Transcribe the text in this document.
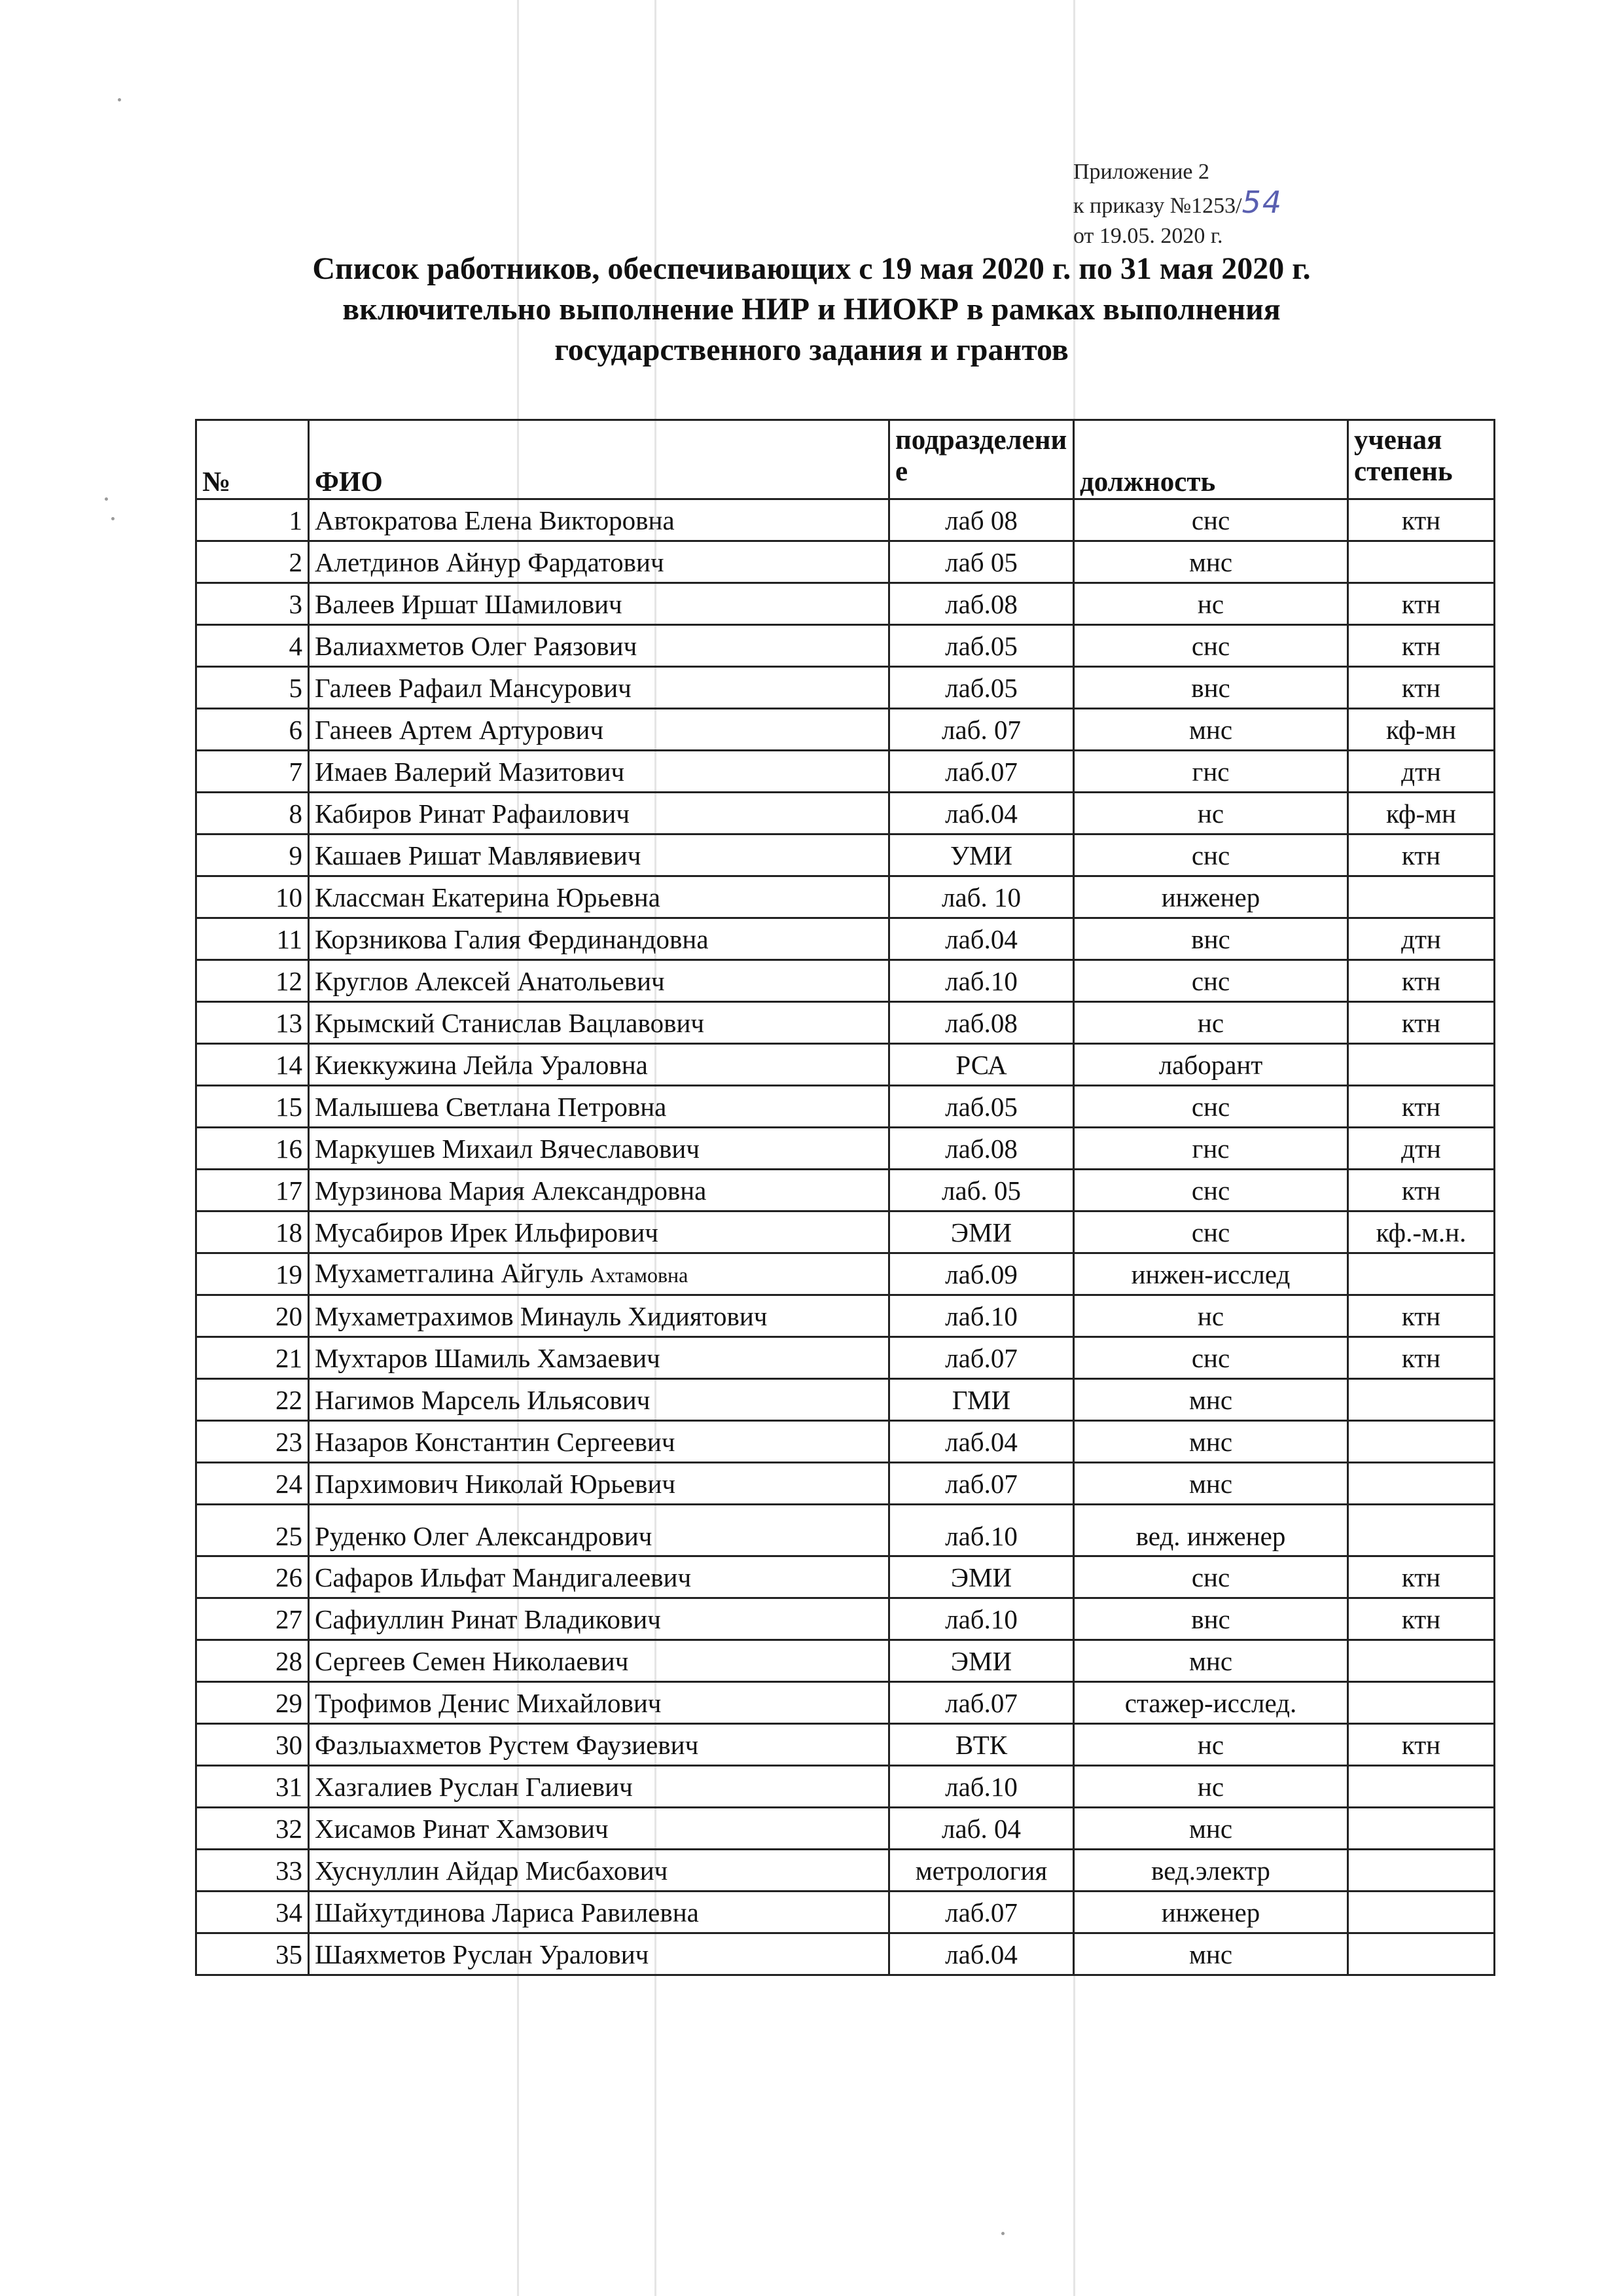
Приложение 2
к приказу №1253/54
от 19.05. 2020 г.
Список работников, обеспечивающих с 19 мая 2020 г. по 31 мая 2020 г.
включительно выполнение НИР и НИОКР в рамках выполнения
государственного задания и грантов
№	ФИО	подразделение	должность	ученая степень
1	Автократова Елена Викторовна	лаб 08	снс	ктн
2	Алетдинов Айнур Фардатович	лаб 05	мнс	
3	Валеев Иршат Шамилович	лаб.08	нс	ктн
4	Валиахметов Олег Раязович	лаб.05	снс	ктн
5	Галеев Рафаил Мансурович	лаб.05	внс	ктн
6	Ганеев Артем Артурович	лаб. 07	мнс	кф-мн
7	Имаев Валерий Мазитович	лаб.07	гнс	дтн
8	Кабиров Ринат Рафаилович	лаб.04	нс	кф-мн
9	Кашаев Ришат Мавлявиевич	УМИ	снс	ктн
10	Классман Екатерина Юрьевна	лаб. 10	инженер	
11	Корзникова Галия Фердинандовна	лаб.04	внс	дтн
12	Круглов Алексей Анатольевич	лаб.10	снс	ктн
13	Крымский Станислав Вацлавович	лаб.08	нс	ктн
14	Киеккужина Лейла Ураловна	РСА	лаборант	
15	Малышева Светлана Петровна	лаб.05	снс	ктн
16	Маркушев Михаил Вячеславович	лаб.08	гнс	дтн
17	Мурзинова Мария Александровна	лаб. 05	снс	ктн
18	Мусабиров Ирек Ильфирович	ЭМИ	снс	кф.-м.н.
19	Мухаметгалина Айгуль Ахтамовна	лаб.09	инжен-исслед	
20	Мухаметрахимов Минауль Хидиятович	лаб.10	нс	ктн
21	Мухтаров Шамиль Хамзаевич	лаб.07	снс	ктн
22	Нагимов Марсель Ильясович	ГМИ	мнс	
23	Назаров Константин Сергеевич	лаб.04	мнс	
24	Пархимович Николай Юрьевич	лаб.07	мнс	
25	Руденко Олег Александрович	лаб.10	вед. инженер	
26	Сафаров Ильфат Мандигалеевич	ЭМИ	снс	ктн
27	Сафиуллин Ринат Владикович	лаб.10	внс	ктн
28	Сергеев Семен Николаевич	ЭМИ	мнс	
29	Трофимов Денис Михайлович	лаб.07	стажер-исслед.	
30	Фазлыахметов Рустем Фаузиевич	ВТК	нс	ктн
31	Хазгалиев Руслан Галиевич	лаб.10	нс	
32	Хисамов Ринат Хамзович	лаб. 04	мнс	
33	Хуснуллин Айдар Мисбахович	метрология	вед.электр	
34	Шайхутдинова Лариса Равилевна	лаб.07	инженер	
35	Шаяхметов Руслан Уралович	лаб.04	мнс	
